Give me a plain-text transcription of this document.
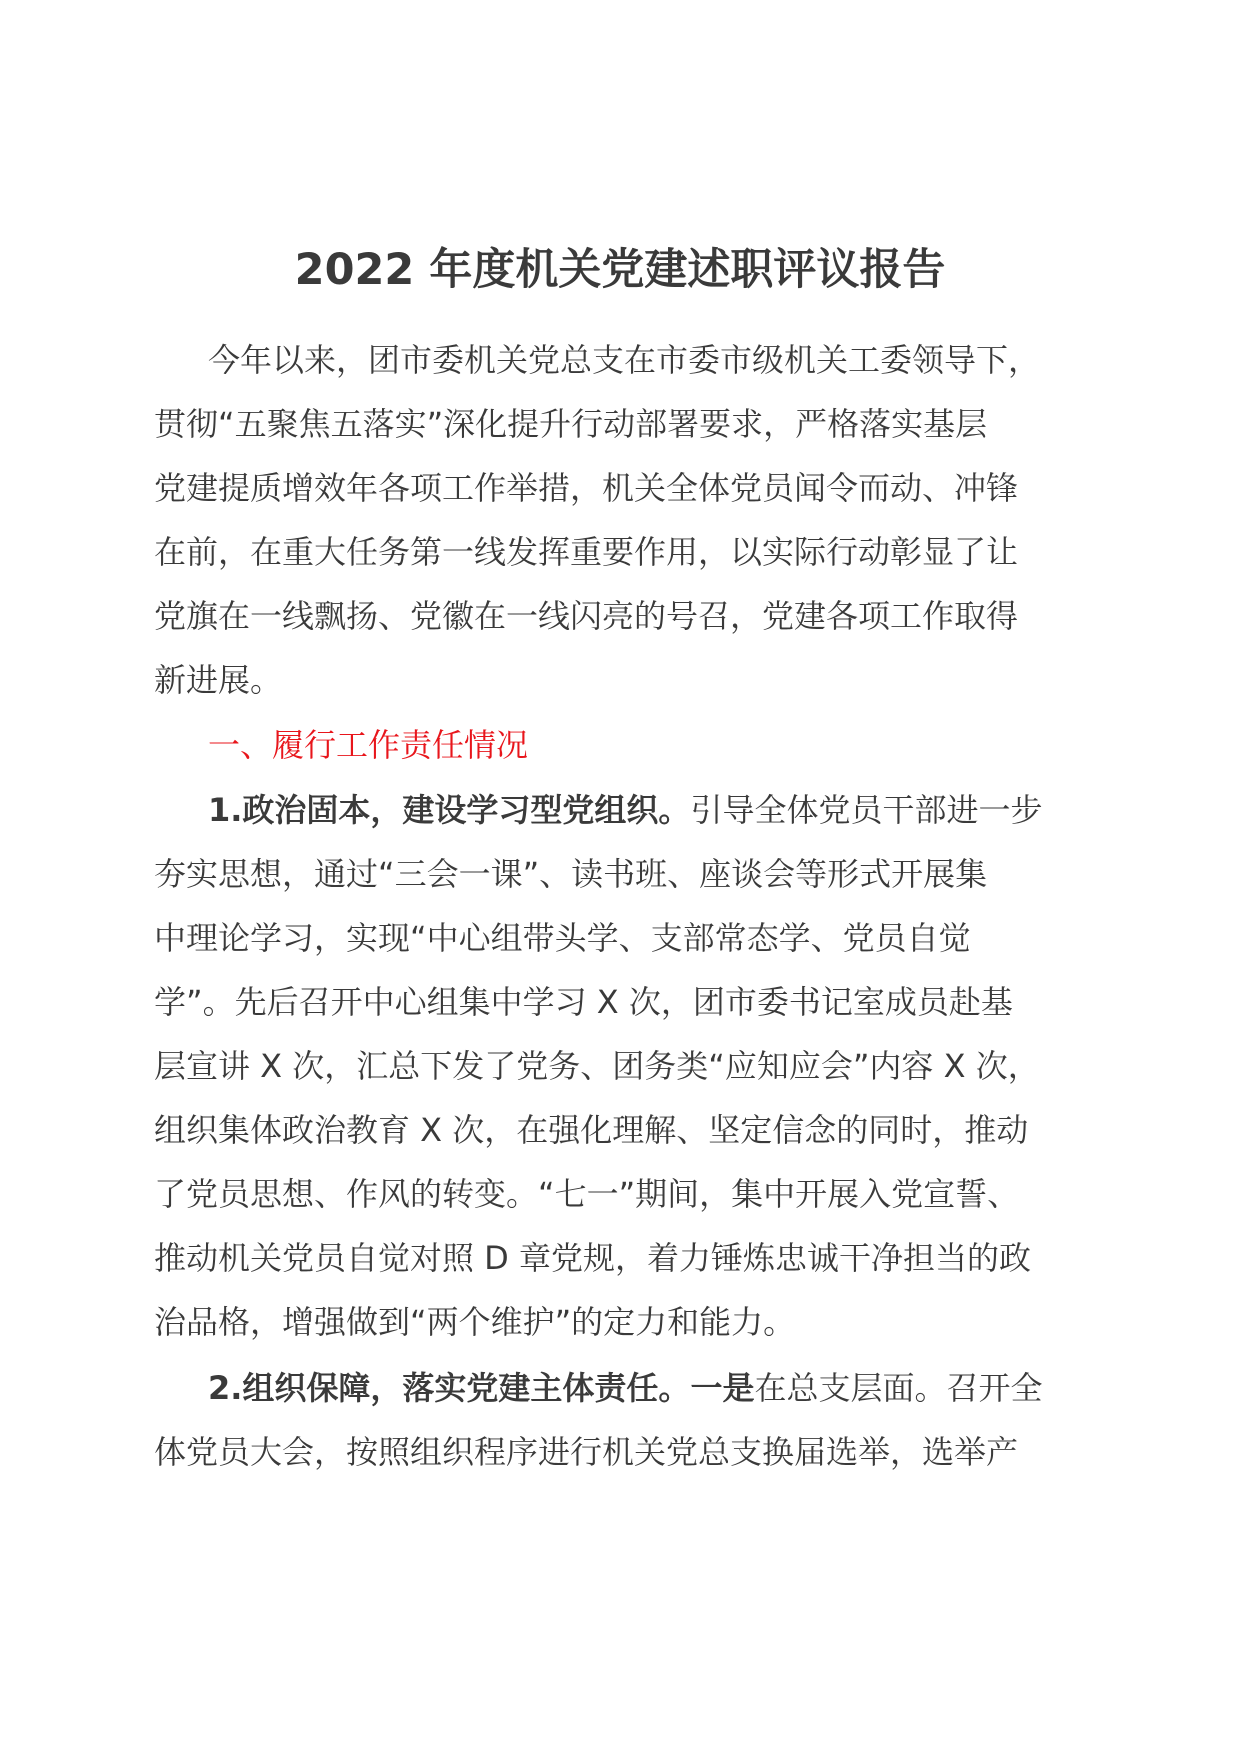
2022 年度机关党建述职评议报告

今年以来，团市委机关党总支在市委市级机关工委领导下，

贯彻“五聚焦五落实”深化提升行动部署要求，严格落实基层

党建提质增效年各项工作举措，机关全体党员闻令而动、冲锋

在前，在重大任务第一线发挥重要作用，以实际行动彰显了让

党旗在一线飘扬、党徽在一线闪亮的号召，党建各项工作取得

新进展。

一、履行工作责任情况

1.政治固本，建设学习型党组织。引导全体党员干部进一步

夯实思想，通过“三会一课”、读书班、座谈会等形式开展集

中理论学习，实现“中心组带头学、支部常态学、党员自觉

学”。先后召开中心组集中学习 X 次，团市委书记室成员赴基

层宣讲 X 次，汇总下发了党务、团务类“应知应会”内容 X 次，

组织集体政治教育 X 次，在强化理解、坚定信念的同时，推动

了党员思想、作风的转变。“七一”期间，集中开展入党宣誓、

推动机关党员自觉对照 D 章党规，着力锤炼忠诚干净担当的政

治品格，增强做到“两个维护”的定力和能力。

2.组织保障，落实党建主体责任。一是在总支层面。召开全

体党员大会，按照组织程序进行机关党总支换届选举，选举产
